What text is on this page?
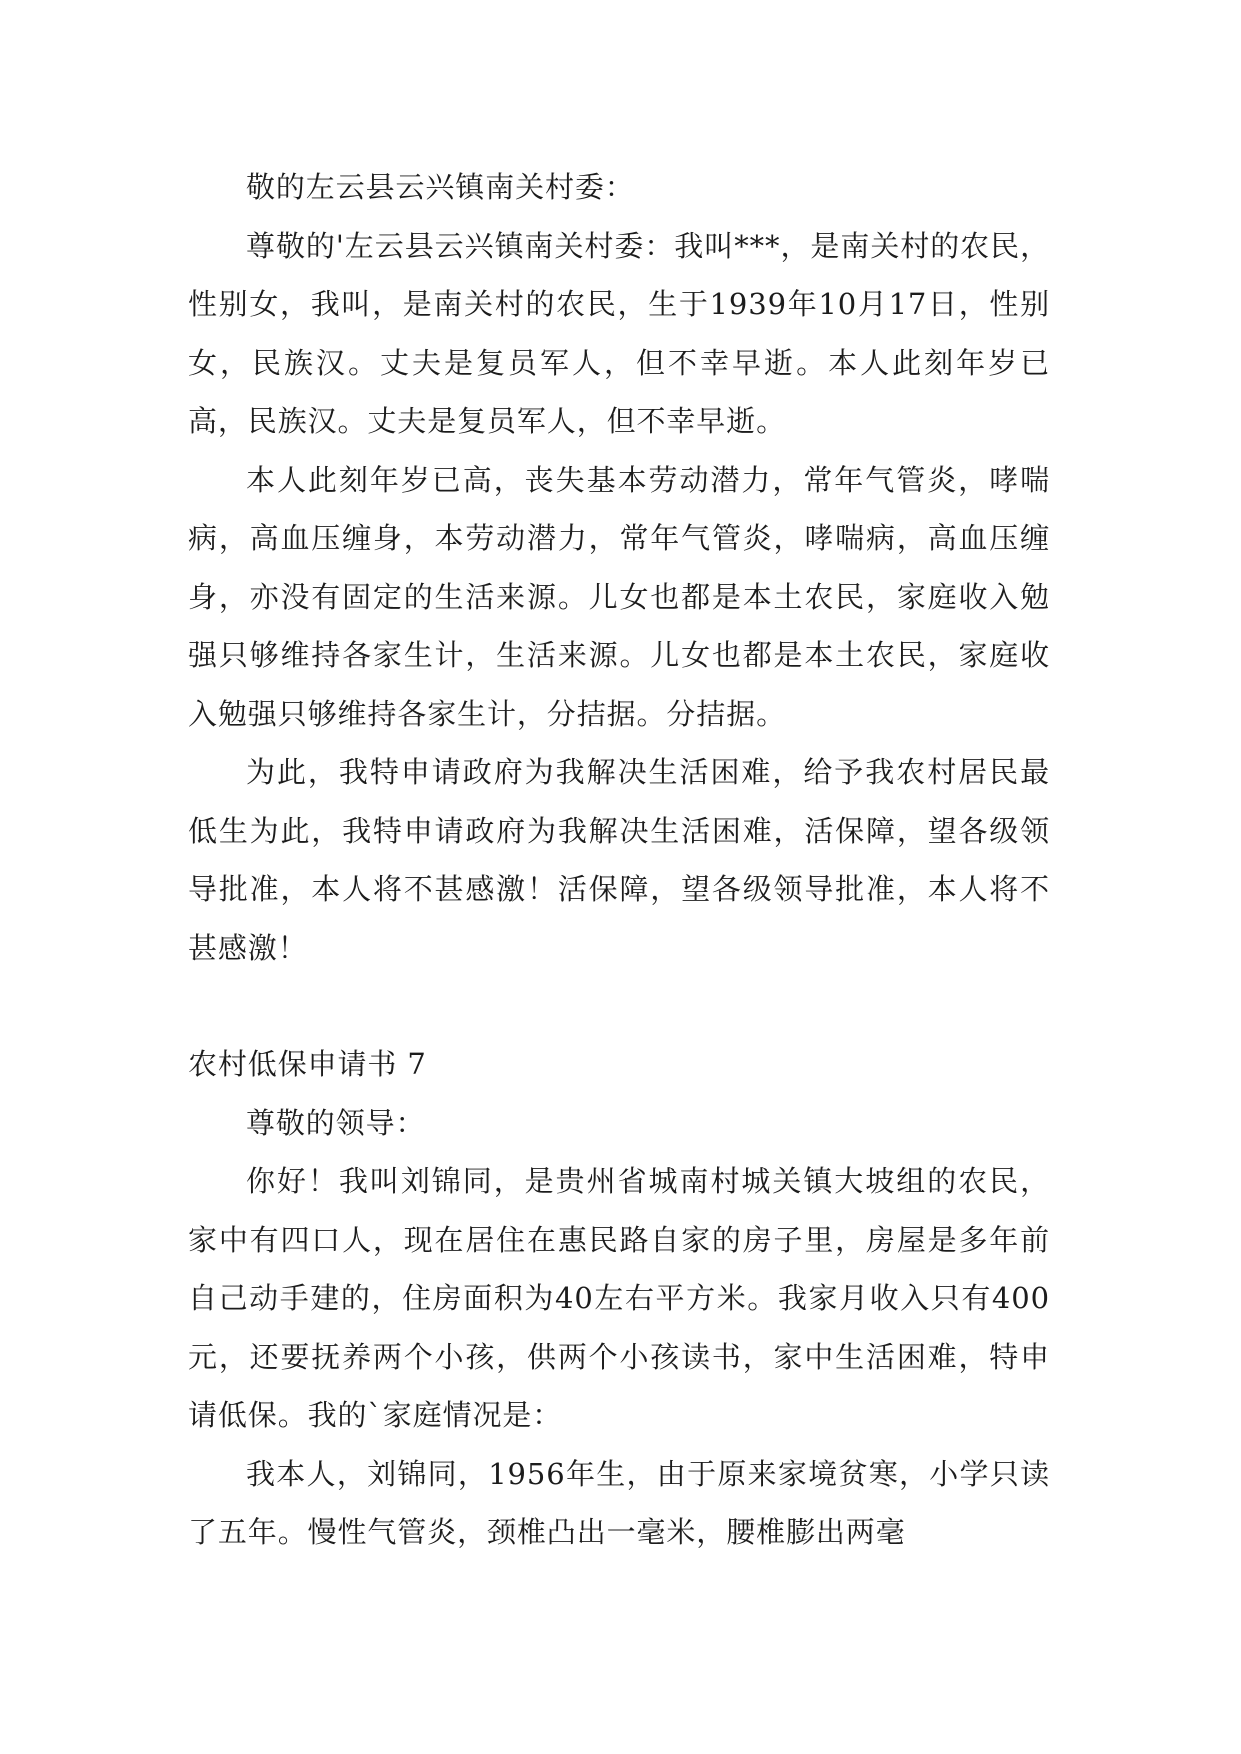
敬的左云县云兴镇南关村委：

尊敬的'左云县云兴镇南关村委：我叫***，是南关村的农民，性别女，我叫，是南关村的农民，生于1939年10月17日，性别女，民族汉。丈夫是复员军人，但不幸早逝。本人此刻年岁已高，民族汉。丈夫是复员军人，但不幸早逝。

本人此刻年岁已高，丧失基本劳动潜力，常年气管炎，哮喘病，高血压缠身，本劳动潜力，常年气管炎，哮喘病，高血压缠身，亦没有固定的生活来源。儿女也都是本土农民，家庭收入勉强只够维持各家生计，生活来源。儿女也都是本土农民，家庭收入勉强只够维持各家生计，分拮据。分拮据。

为此，我特申请政府为我解决生活困难，给予我农村居民最低生为此，我特申请政府为我解决生活困难，活保障，望各级领导批准，本人将不甚感激！活保障，望各级领导批准，本人将不甚感激！

农村低保申请书 7

尊敬的领导：

你好！我叫刘锦同，是贵州省城南村城关镇大坡组的农民，家中有四口人，现在居住在惠民路自家的房子里，房屋是多年前自己动手建的，住房面积为40左右平方米。我家月收入只有400元，还要抚养两个小孩，供两个小孩读书，家中生活困难，特申请低保。我的`家庭情况是：

我本人，刘锦同，1956年生，由于原来家境贫寒，小学只读了五年。慢性气管炎，颈椎凸出一毫米，腰椎膨出两毫
